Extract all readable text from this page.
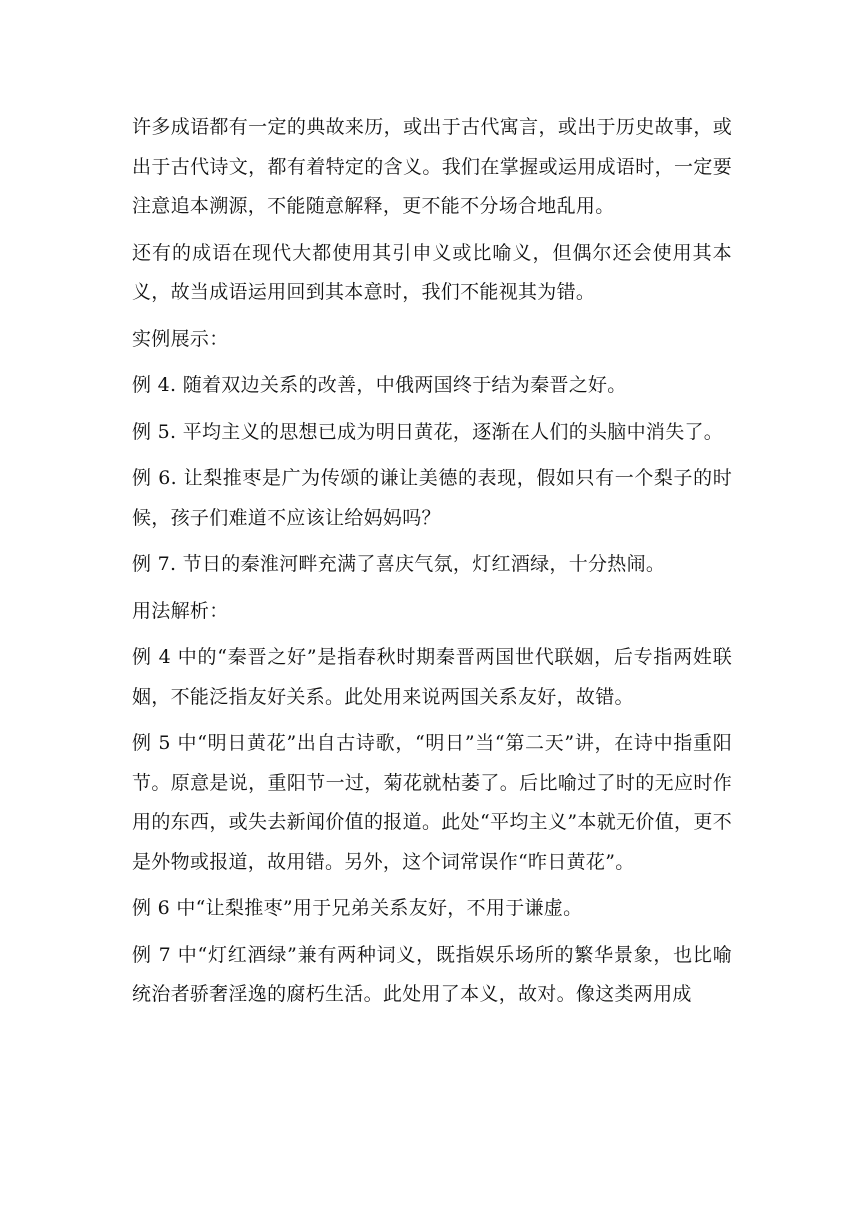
许多成语都有一定的典故来历，或出于古代寓言，或出于历史故事，或出于古代诗文，都有着特定的含义。我们在掌握或运用成语时，一定要注意追本溯源，不能随意解释，更不能不分场合地乱用。

还有的成语在现代大都使用其引申义或比喻义，但偶尔还会使用其本义，故当成语运用回到其本意时，我们不能视其为错。

实例展示：

例 4. 随着双边关系的改善，中俄两国终于结为秦晋之好。

例 5. 平均主义的思想已成为明日黄花，逐渐在人们的头脑中消失了。

例 6. 让梨推枣是广为传颂的谦让美德的表现，假如只有一个梨子的时候，孩子们难道不应该让给妈妈吗？

例 7. 节日的秦淮河畔充满了喜庆气氛，灯红酒绿，十分热闹。

用法解析：

例 4 中的“秦晋之好”是指春秋时期秦晋两国世代联姻，后专指两姓联姻，不能泛指友好关系。此处用来说两国关系友好，故错。

例 5 中“明日黄花”出自古诗歌，“明日”当“第二天”讲，在诗中指重阳节。原意是说，重阳节一过，菊花就枯萎了。后比喻过了时的无应时作用的东西，或失去新闻价值的报道。此处“平均主义”本就无价值，更不是外物或报道，故用错。另外，这个词常误作“昨日黄花”。

例 6 中“让梨推枣”用于兄弟关系友好，不用于谦虚。

例 7 中“灯红酒绿”兼有两种词义，既指娱乐场所的繁华景象，也比喻统治者骄奢淫逸的腐朽生活。此处用了本义，故对。像这类两用成
